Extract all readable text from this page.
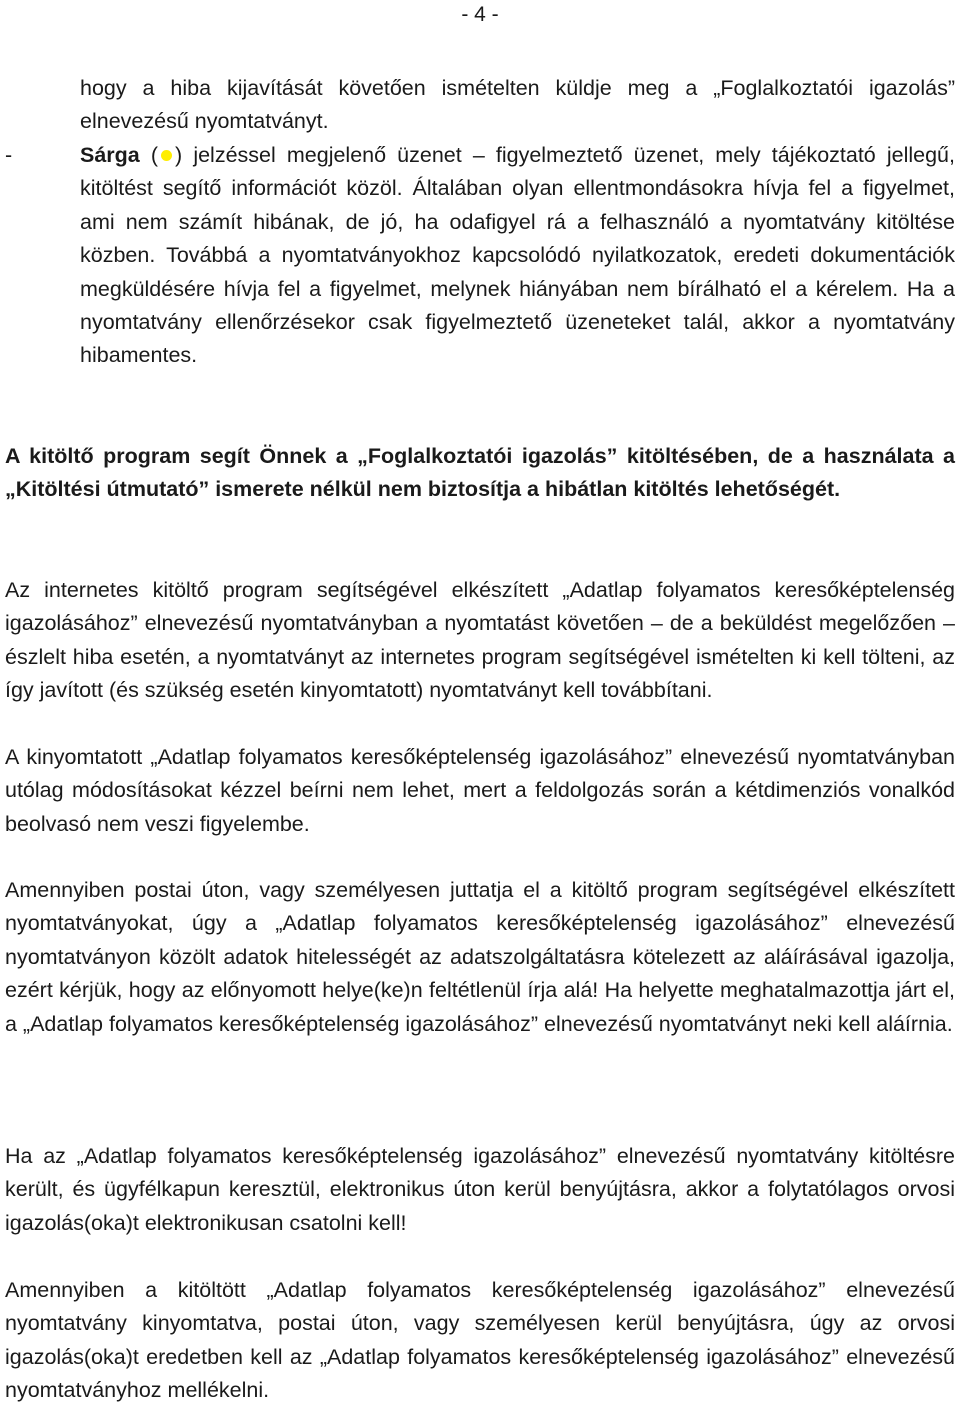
- 4 -

hogy a hiba kijavítását követően ismételten küldje meg a „Foglalkoztatói igazolás” elnevezésű nyomtatványt.

-	Sárga ( ) jelzéssel megjelenő üzenet – figyelmeztető üzenet, mely tájékoztató jellegű, kitöltést segítő információt közöl. Általában olyan ellentmondásokra hívja fel a figyelmet, ami nem számít hibának, de jó, ha odafigyel rá a felhasználó a nyomtatvány kitöltése közben. Továbbá a nyomtatványokhoz kapcsolódó nyilatkozatok, eredeti dokumentációk megküldésére hívja fel a figyelmet, melynek hiányában nem bírálható el a kérelem. Ha a nyomtatvány ellenőrzésekor csak figyelmeztető üzeneteket talál, akkor a nyomtatvány hibamentes.

A kitöltő program segít Önnek a „Foglalkoztatói igazolás” kitöltésében, de a használata a „Kitöltési útmutató” ismerete nélkül nem biztosítja a hibátlan kitöltés lehetőségét.

Az internetes kitöltő program segítségével elkészített „Adatlap folyamatos keresőképtelenség igazolásához” elnevezésű nyomtatványban a nyomtatást követően – de a beküldést megelőzően – észlelt hiba esetén, a nyomtatványt az internetes program segítségével ismételten ki kell tölteni, az így javított (és szükség esetén kinyomtatott) nyomtatványt kell továbbítani.

A kinyomtatott „Adatlap folyamatos keresőképtelenség igazolásához” elnevezésű nyomtatványban utólag módosításokat kézzel beírni nem lehet, mert a feldolgozás során a kétdimenziós vonalkód beolvasó nem veszi figyelembe.

Amennyiben postai úton, vagy személyesen juttatja el a kitöltő program segítségével elkészített nyomtatványokat, úgy a „Adatlap folyamatos keresőképtelenség igazolásához” elnevezésű nyomtatványon közölt adatok hitelességét az adatszolgáltatásra kötelezett az aláírásával igazolja, ezért kérjük, hogy az előnyomott helye(ke)n feltétlenül írja alá! Ha helyette meghatalmazottja járt el, a „Adatlap folyamatos keresőképtelenség igazolásához” elnevezésű nyomtatványt neki kell aláírnia.

Ha az „Adatlap folyamatos keresőképtelenség igazolásához” elnevezésű nyomtatvány kitöltésre került, és ügyfélkapun keresztül, elektronikus úton kerül benyújtásra, akkor a folytatólagos orvosi igazolás(oka)t elektronikusan csatolni kell!

Amennyiben a kitöltött „Adatlap folyamatos keresőképtelenség igazolásához” elnevezésű nyomtatvány kinyomtatva, postai úton, vagy személyesen kerül benyújtásra, úgy az orvosi igazolás(oka)t eredetben kell az „Adatlap folyamatos keresőképtelenség igazolásához” elnevezésű nyomtatványhoz mellékelni.
